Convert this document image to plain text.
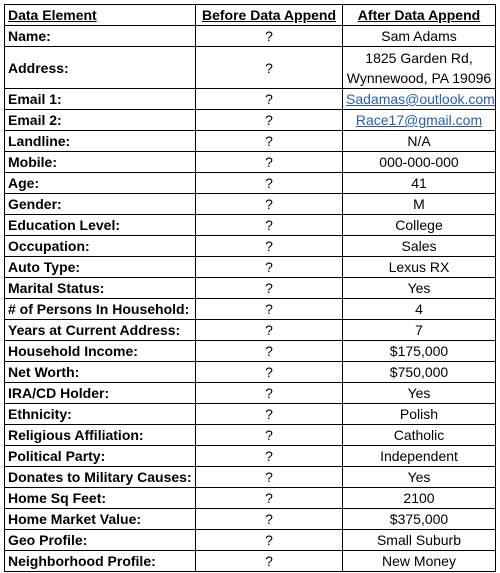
Data Element	Before Data Append	After Data Append
Name:	?	Sam Adams
Address:	?	1825 Garden Rd,
Wynnewood, PA 19096

Email 1:	?	Sadamas@outlook.com
Email 2:	?	Race17@gmail.com
Landline:	?	N/A
Mobile:	?	000-000-000
Age:	?	41
Gender:	?	M
Education Level:	?	College
Occupation:	?	Sales
Auto Type:	?	Lexus RX
Marital Status:	?	Yes
# of Persons In Household:	?	4
Years at Current Address:	?	7
Household Income:	?	$175,000
Net Worth:	?	$750,000
IRA/CD Holder:	?	Yes
Ethnicity:	?	Polish
Religious Affiliation:	?	Catholic
Political Party:	?	Independent
Donates to Military Causes:	?	Yes
Home Sq Feet:	?	2100
Home Market Value:	?	$375,000
Geo Profile:	?	Small Suburb
Neighborhood Profile:	?	New Money
